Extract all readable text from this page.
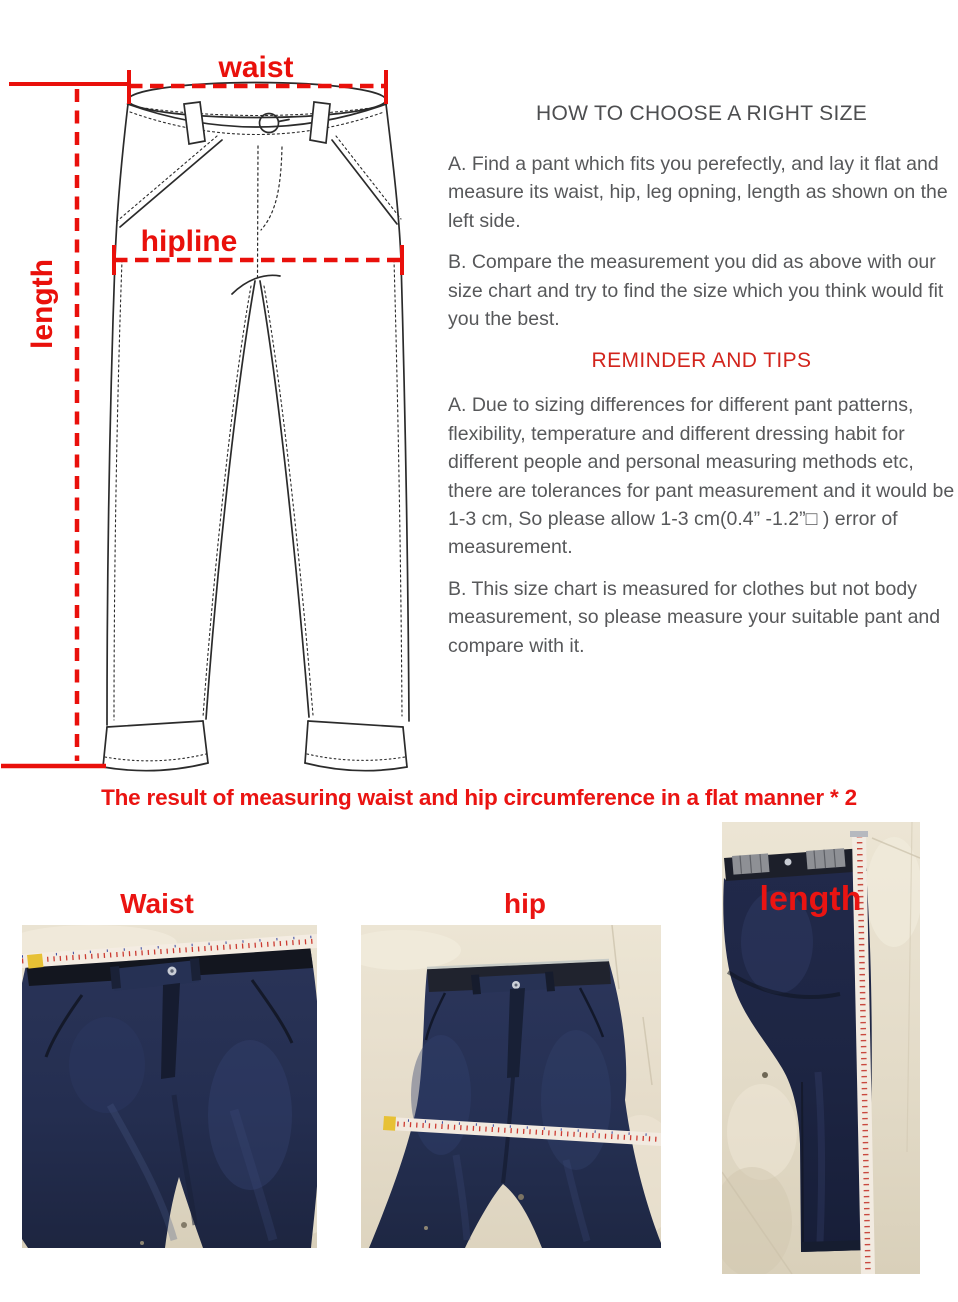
waist
hipline
length
HOW TO CHOOSE A RIGHT SIZE

A. Find a pant which fits you perefectly, and lay it flat and measure its waist, hip, leg opning, length as shown on the left side.

B. Compare the measurement you did as above with our size chart and try to find the size which you think would fit you the best.

REMINDER AND TIPS

A. Due to sizing differences for different pant patterns, flexibility, temperature and different dressing habit for different people and personal measuring methods etc, there are tolerances for pant measurement and it would be 1-3 cm, So please allow 1-3 cm(0.4” -1.2”□ ) error of measurement.

B. This size chart is measured for clothes but not body measurement, so please measure your suitable pant and compare with it.

The result of measuring waist and hip circumference in a flat manner * 2
Waist	hip	length
